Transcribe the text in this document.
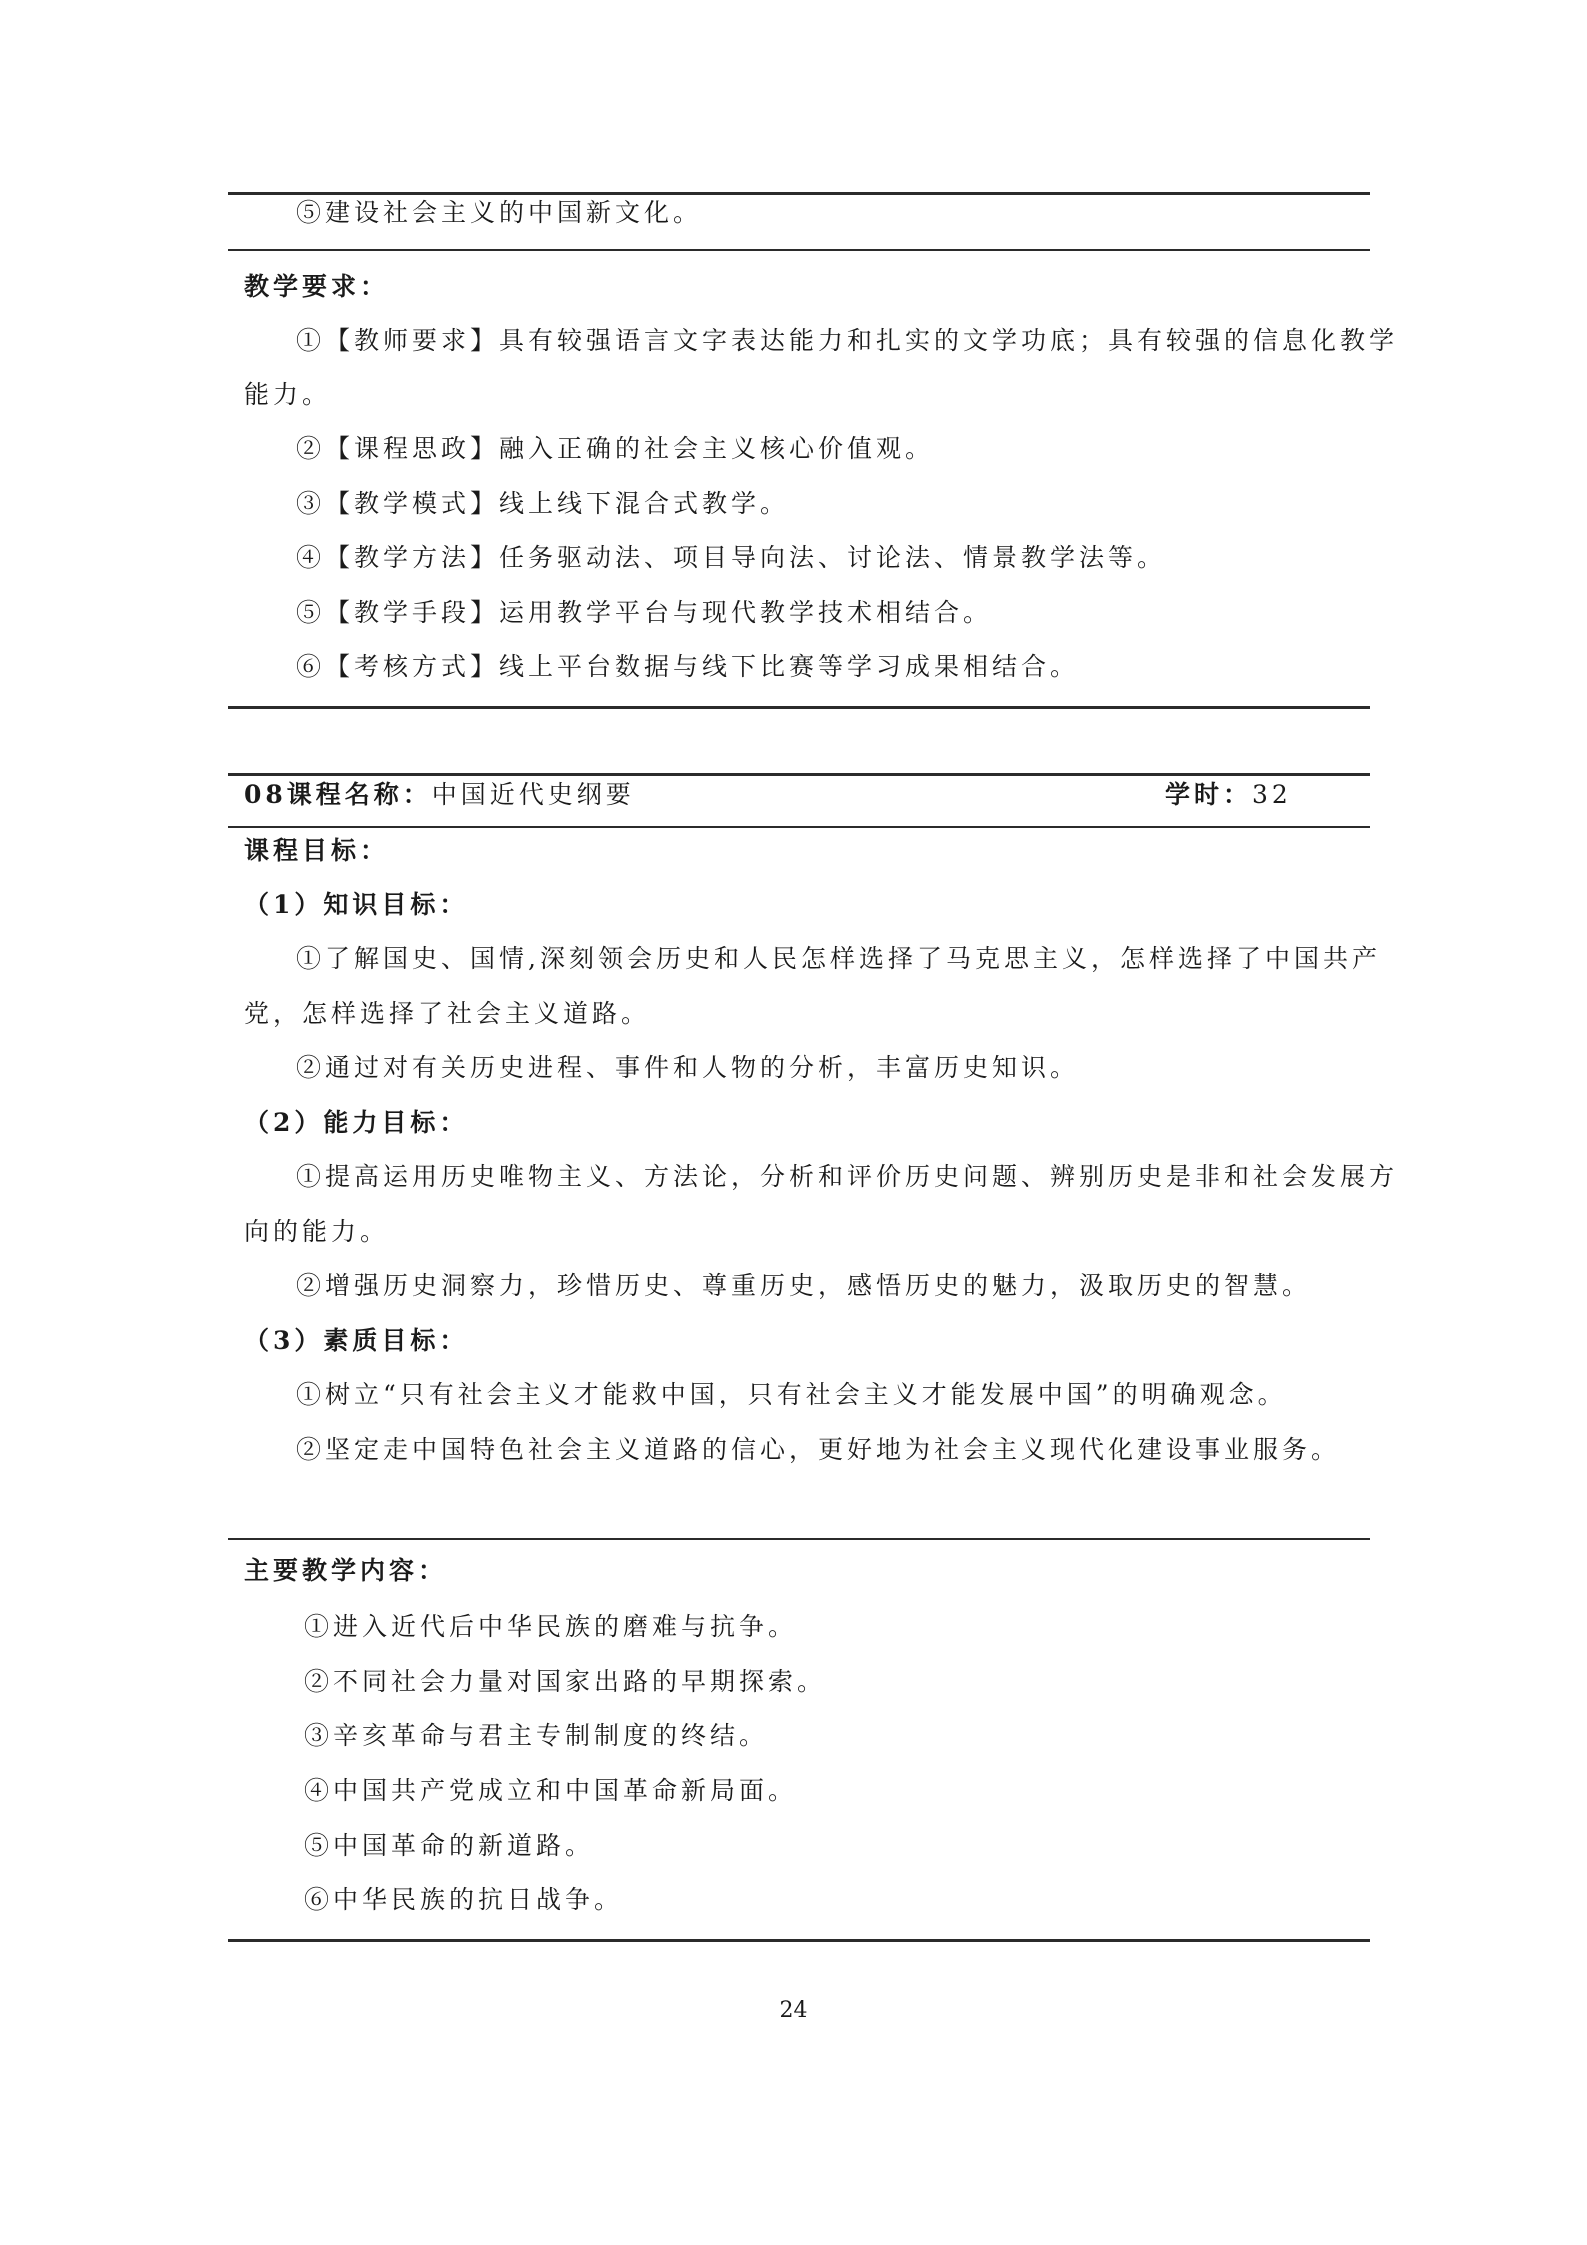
⑤建设社会主义的中国新文化。
教学要求：
①【教师要求】具有较强语言文字表达能力和扎实的文学功底；具有较强的信息化教学
能力。
②【课程思政】融入正确的社会主义核心价值观。
③【教学模式】线上线下混合式教学。
④【教学方法】任务驱动法、项目导向法、讨论法、情景教学法等。
⑤【教学手段】运用教学平台与现代教学技术相结合。
⑥【考核方式】线上平台数据与线下比赛等学习成果相结合。
08课程名称：中国近代史纲要	学时：32
课程目标：
（1）知识目标：
①了解国史、国情,深刻领会历史和人民怎样选择了马克思主义，怎样选择了中国共产
党，怎样选择了社会主义道路。
②通过对有关历史进程、事件和人物的分析，丰富历史知识。
（2）能力目标：
①提高运用历史唯物主义、方法论，分析和评价历史问题、辨别历史是非和社会发展方
向的能力。
②增强历史洞察力，珍惜历史、尊重历史，感悟历史的魅力，汲取历史的智慧。
（3）素质目标：
①树立“只有社会主义才能救中国，只有社会主义才能发展中国”的明确观念。
②坚定走中国特色社会主义道路的信心，更好地为社会主义现代化建设事业服务。
主要教学内容：
①进入近代后中华民族的磨难与抗争。
②不同社会力量对国家出路的早期探索。
③辛亥革命与君主专制制度的终结。
④中国共产党成立和中国革命新局面。
⑤中国革命的新道路。
⑥中华民族的抗日战争。
24
